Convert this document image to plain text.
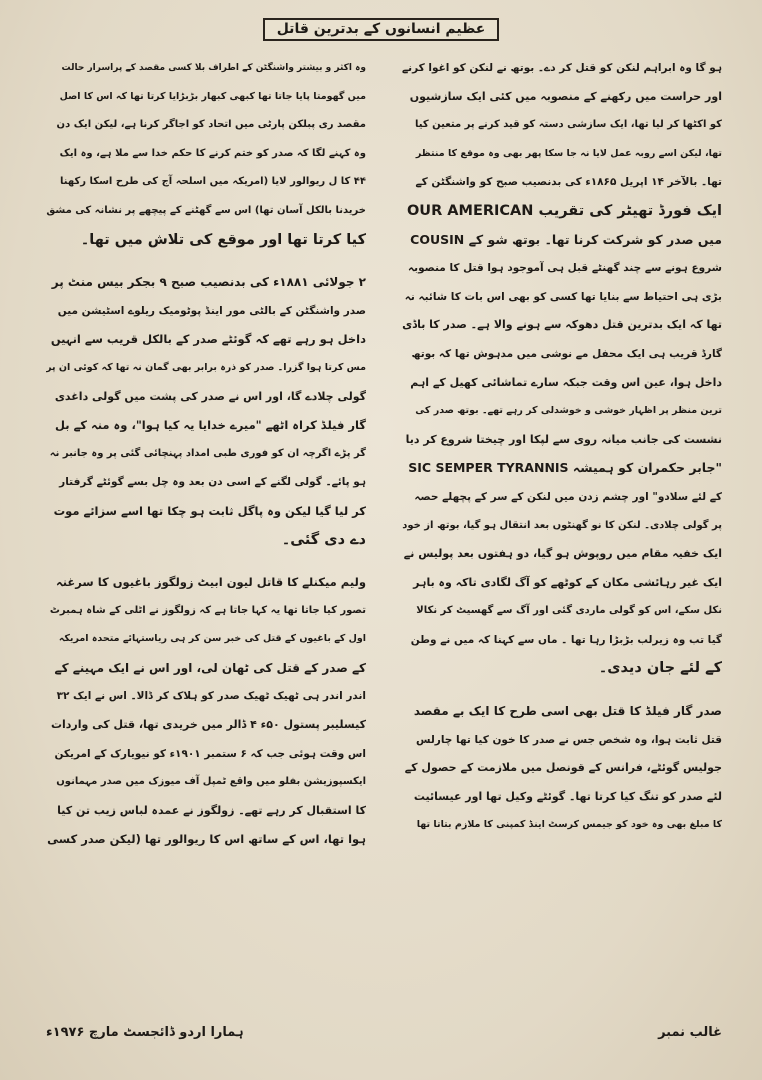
عظیم انسانوں کے بدترین قاتل
ہو گا وہ ابراہم لنکن کو قتل کر دے۔ بوتھ نے لنکن کو اغوا کرنے
اور حراست میں رکھنے کے منصوبہ میں کئی ایک سازشیوں
کو اکٹھا کر لیا تھا، ایک سازشی دستہ کو قید کرنے پر متعین کیا
تھا، لیکن اسے روبہ عمل لایا نہ جا سکا پھر بھی وہ موقع کا منتظر
تھا۔ بالآخر ۱۴ اپریل ۱۸۶۵ء کی بدنصیب صبح کو واشنگٹن کے
ایک فورڈ تھیٹر کی تقریب OUR AMERICAN
میں صدر کو شرکت کرنا تھا۔ بوتھ شو کے COUSIN
شروع ہونے سے چند گھنٹے قبل ہی آموجود ہوا قتل کا منصوبہ
بڑی ہی احتیاط سے بنایا تھا کسی کو بھی اس بات کا شائبہ نہ
تھا کہ ایک بدترین قتل دھوکہ سے ہونے والا ہے۔ صدر کا باڈی
گارڈ قریب ہی ایک محفل مے نوشی میں مدہوش تھا کہ بوتھ
داخل ہوا، عین اس وقت جبکہ سارے تماشائی کھیل کے اہم
ترین منظر پر اظہار خوشی و خوشدلی کر رہے تھے۔ بوتھ صدر کی
نشست کی جانب میانہ روی سے لپکا اور چیختا شروع کر دیا
"جابر حکمران کو ہمیشہ SIC SEMPER TYRANNIS
کے لئے سلادو" اور چشم زدن میں لنکن کے سر کے پچھلے حصہ
پر گولی چلادی۔ لنکن کا نو گھنٹوں بعد انتقال ہو گیا، بوتھ از خود
ایک خفیہ مقام میں روپوش ہو گیا، دو ہفتوں بعد پولیس نے
ایک غیر رہائشی مکان کے کوٹھے کو آگ لگادی تاکہ وہ باہر
نکل سکے، اس کو گولی ماردی گئی اور آگ سے گھسیٹ کر نکالا
گیا تب وہ زیرلب بڑبڑا رہا تھا ۔ ماں سے کہنا کہ میں نے وطن
کے لئے جان دیدی۔
صدر گار فیلڈ کا قتل بھی اسی طرح کا ایک بے مقصد
قتل ثابت ہوا، وہ شخص جس نے صدر کا خون کیا تھا چارلس
جولیس گوئٹے، فرانس کے قونصل میں ملازمت کے حصول کے
لئے صدر کو تنگ کیا کرتا تھا۔ گوئٹے وکیل تھا اور عیسائیت
کا مبلغ بھی وہ خود کو جیمس کرسٹ اینڈ کمپنی کا ملازم بتاتا تھا
وہ اکثر و بیشتر واشنگٹن کے اطراف بلا کسی مقصد کے پراسرار حالت
میں گھومتا پایا جاتا تھا کبھی کبھار بڑبڑایا کرتا تھا کہ اس کا اصل
مقصد ری پبلکن پارٹی میں اتحاد کو اجاگر کرنا ہے، لیکن ایک دن
وہ کہنے لگا کہ صدر کو ختم کرنے کا حکم خدا سے ملا ہے، وہ ایک
۴۴ کا ل ریوالور لایا (امریکہ میں اسلحہ آج کی طرح اسکا رکھنا
خریدنا بالکل آسان تھا) اس سے گھٹنے کے پیچھے پر نشانہ کی مشق
کیا کرتا تھا اور موقع کی تلاش میں تھا۔
۲ جولائی ۱۸۸۱ء کی بدنصیب صبح ۹ بجکر بیس منٹ پر
صدر واشنگٹن کے بالٹی مور اینڈ پوٹومیک ریلوے اسٹیشن میں
داخل ہو رہے تھے کہ گوئٹے صدر کے بالکل قریب سے انہیں
مس کرتا ہوا گزرا۔ صدر کو ذرہ برابر بھی گمان نہ تھا کہ کوئی ان پر
گولی چلادے گا، اور اس نے صدر کی پشت میں گولی داغدی
گار فیلڈ کراہ اٹھے "میرے خدایا یہ کیا ہوا"، وہ منہ کے بل
گر پڑے اگرچہ ان کو فوری طبی امداد پہنچائی گئی پر وہ جانبر نہ
ہو پائے۔ گولی لگنے کے اسی دن بعد وہ چل بسے گوئٹے گرفتار
کر لیا گیا لیکن وہ پاگل ثابت ہو چکا تھا اسے سزائے موت
دے دی گئی۔
ولیم میکنلے کا قاتل لیون ابیٹ زولگوز باغیوں کا سرغنہ
تصور کیا جاتا تھا یہ کہا جاتا ہے کہ زولگوز نے اٹلی کے شاہ ہمبرٹ
اول کے باغیوں کے قتل کی خبر سن کر ہی ریاستہائے متحدہ امریکہ
کے صدر کے قتل کی ٹھان لی، اور اس نے ایک مہینے کے
اندر اندر ہی ٹھیک ٹھیک صدر کو ہلاک کر ڈالا۔ اس نے ایک ۳۲
کیسلیبر پستول ۵۰ء ۴ ڈالر میں خریدی تھا، قتل کی واردات
اس وقت ہوئی جب کہ ۶ ستمبر ۱۹۰۱ء کو نیویارک کے امریکن
ایکسپوزیشن بفلو میں واقع ٹمپل آف میوزک میں صدر مہمانوں
کا استقبال کر رہے تھے۔ زولگوز نے عمدہ لباس زیب تن کیا
ہوا تھا، اس کے ساتھ اس کا ریوالور تھا (لیکن صدر کسی
ہمارا اردو ڈائجسٹ مارچ ۱۹۷۶ء	غالب نمبر
